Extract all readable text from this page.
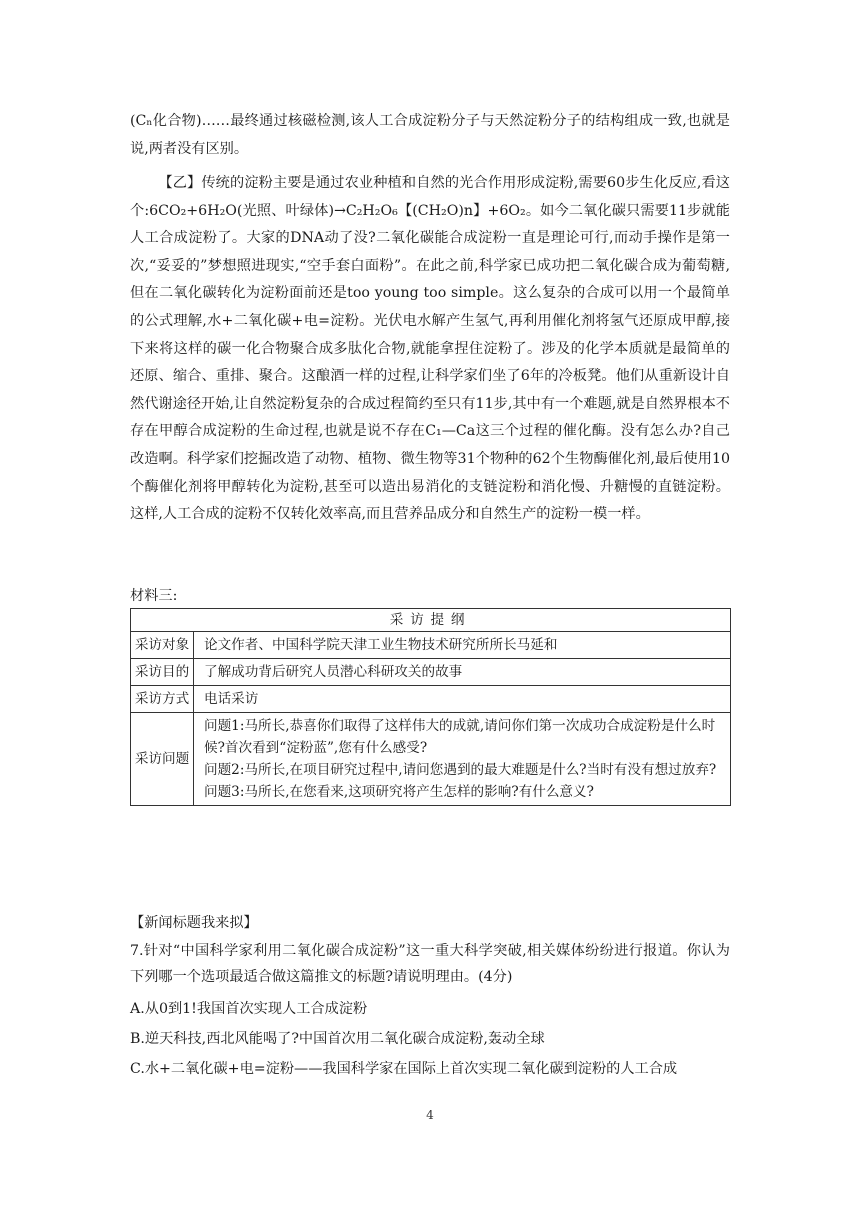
(Cₙ化合物)……最终通过核磁检测,该人工合成淀粉分子与天然淀粉分子的结构组成一致,也就是说,两者没有区别。

【乙】传统的淀粉主要是通过农业种植和自然的光合作用形成淀粉,需要60步生化反应,看这个:6CO₂+6H₂O(光照、叶绿体)→C₂H₂O₆【(CH₂O)n】+6O₂。如今二氧化碳只需要11步就能人工合成淀粉了。大家的DNA动了没?二氧化碳能合成淀粉一直是理论可行,而动手操作是第一次,“妥妥的”梦想照进现实,“空手套白面粉”。在此之前,科学家已成功把二氧化碳合成为葡萄糖,但在二氧化碳转化为淀粉面前还是too young too simple。这么复杂的合成可以用一个最简单的公式理解,水+二氧化碳+电=淀粉。光伏电水解产生氢气,再利用催化剂将氢气还原成甲醇,接下来将这样的碳一化合物聚合成多肽化合物,就能拿捏住淀粉了。涉及的化学本质就是最简单的还原、缩合、重排、聚合。这酿酒一样的过程,让科学家们坐了6年的冷板凳。他们从重新设计自然代谢途径开始,让自然淀粉复杂的合成过程简约至只有11步,其中有一个难题,就是自然界根本不存在甲醇合成淀粉的生命过程,也就是说不存在C₁—Ca这三个过程的催化酶。没有怎么办?自己改造啊。科学家们挖掘改造了动物、植物、微生物等31个物种的62个生物酶催化剂,最后使用10个酶催化剂将甲醇转化为淀粉,甚至可以造出易消化的支链淀粉和消化慢、升糖慢的直链淀粉。这样,人工合成的淀粉不仅转化效率高,而且营养品成分和自然生产的淀粉一模一样。

材料三:

采访提纲	
采访对象	论文作者、中国科学院天津工业生物技术研究所所长马延和
采访目的	了解成功背后研究人员潜心科研攻关的故事
采访方式	电话采访
采访问题	问题1:马所长,恭喜你们取得了这样伟大的成就,请问你们第一次成功合成淀粉是什么时候?首次看到“淀粉蓝”,您有什么感受?
问题2:马所长,在项目研究过程中,请问您遇到的最大难题是什么?当时有没有想过放弃?
问题3:马所长,在您看来,这项研究将产生怎样的影响?有什么意义?

【新闻标题我来拟】

7.针对“中国科学家利用二氧化碳合成淀粉”这一重大科学突破,相关媒体纷纷进行报道。你认为下列哪一个选项最适合做这篇推文的标题?请说明理由。(4分)

A.从0到1!我国首次实现人工合成淀粉

B.逆天科技,西北风能喝了?中国首次用二氧化碳合成淀粉,轰动全球

C.水+二氧化碳+电=淀粉——我国科学家在国际上首次实现二氧化碳到淀粉的人工合成

4
